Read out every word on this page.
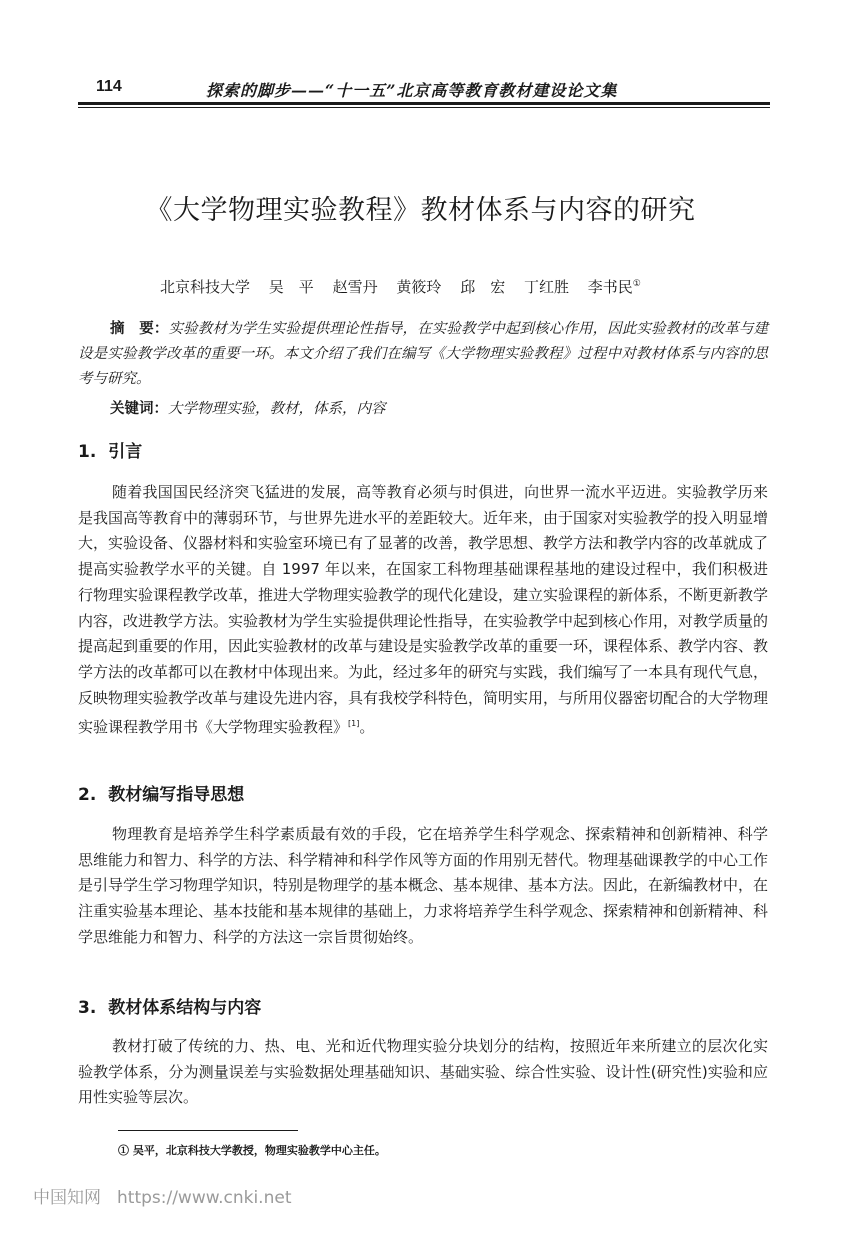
114	探索的脚步——“十一五”北京高等教育教材建设论文集
《大学物理实验教程》教材体系与内容的研究
北京科技大学 吴　平 赵雪丹 黄筱玲 邱　宏 丁红胜 李书民①
摘　要：实验教材为学生实验提供理论性指导，在实验教学中起到核心作用，因此实验教材的改革与建设是实验教学改革的重要一环。本文介绍了我们在编写《大学物理实验教程》过程中对教材体系与内容的思考与研究。
关键词：大学物理实验，教材，体系，内容
1. 引言
随着我国国民经济突飞猛进的发展，高等教育必须与时俱进，向世界一流水平迈进。实验教学历来是我国高等教育中的薄弱环节，与世界先进水平的差距较大。近年来，由于国家对实验教学的投入明显增大，实验设备、仪器材料和实验室环境已有了显著的改善，教学思想、教学方法和教学内容的改革就成了提高实验教学水平的关键。自 1997 年以来，在国家工科物理基础课程基地的建设过程中，我们积极进行物理实验课程教学改革，推进大学物理实验教学的现代化建设，建立实验课程的新体系，不断更新教学内容，改进教学方法。实验教材为学生实验提供理论性指导，在实验教学中起到核心作用，对教学质量的提高起到重要的作用，因此实验教材的改革与建设是实验教学改革的重要一环，课程体系、教学内容、教学方法的改革都可以在教材中体现出来。为此，经过多年的研究与实践，我们编写了一本具有现代气息，反映物理实验教学改革与建设先进内容，具有我校学科特色，简明实用，与所用仪器密切配合的大学物理实验课程教学用书《大学物理实验教程》[1]。
2. 教材编写指导思想
物理教育是培养学生科学素质最有效的手段，它在培养学生科学观念、探索精神和创新精神、科学思维能力和智力、科学的方法、科学精神和科学作风等方面的作用别无替代。物理基础课教学的中心工作是引导学生学习物理学知识，特别是物理学的基本概念、基本规律、基本方法。因此，在新编教材中，在注重实验基本理论、基本技能和基本规律的基础上，力求将培养学生科学观念、探索精神和创新精神、科学思维能力和智力、科学的方法这一宗旨贯彻始终。
3. 教材体系结构与内容
教材打破了传统的力、热、电、光和近代物理实验分块划分的结构，按照近年来所建立的层次化实验教学体系，分为测量误差与实验数据处理基础知识、基础实验、综合性实验、设计性(研究性)实验和应用性实验等层次。
① 吴平，北京科技大学教授，物理实验教学中心主任。
中国知网 https://www.cnki.net
